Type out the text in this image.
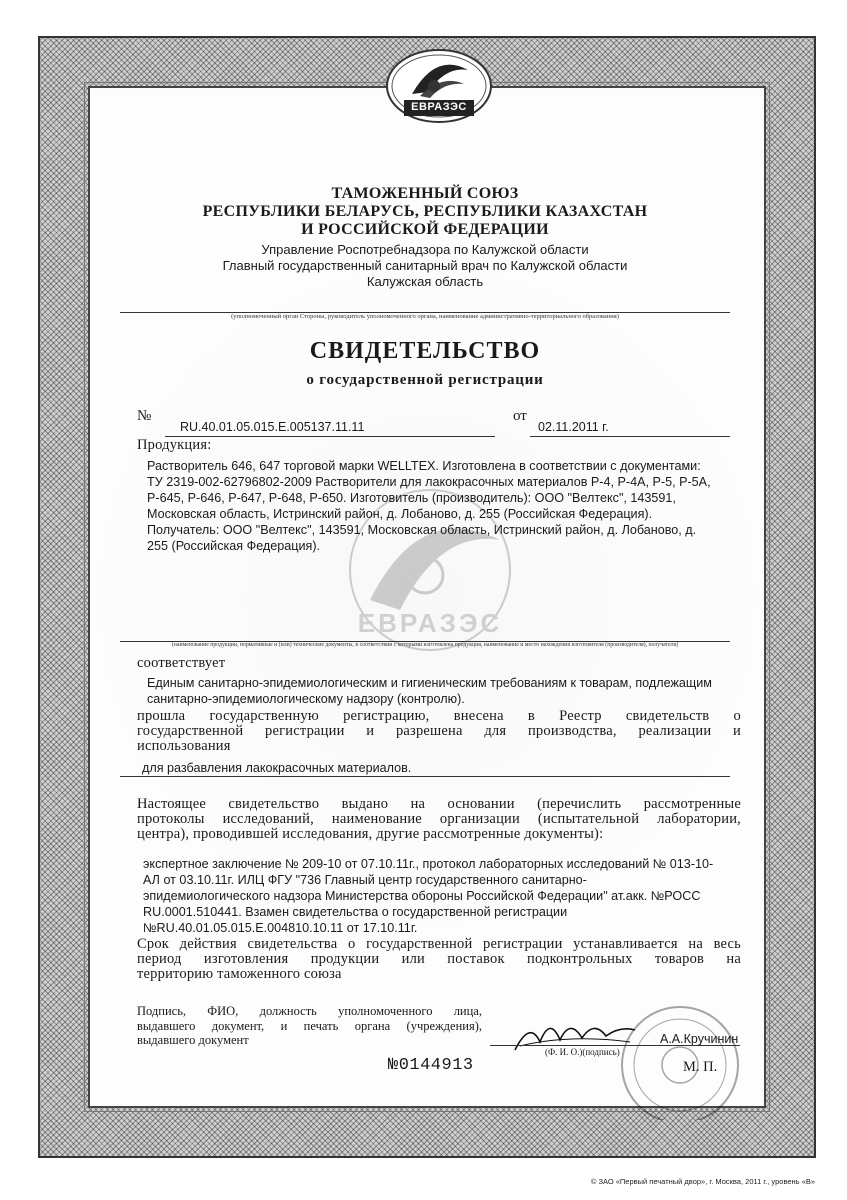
ЕВРАЗЭС
ТАМОЖЕННЫЙ СОЮЗ
РЕСПУБЛИКИ БЕЛАРУСЬ, РЕСПУБЛИКИ КАЗАХСТАН
И РОССИЙСКОЙ ФЕДЕРАЦИИ
Управление Роспотребнадзора по Калужской области
Главный государственный санитарный врач по Калужской области
Калужская область
(уполномоченный орган Стороны, руководитель уполномоченного органа, наименование административно-территориального образования)
СВИДЕТЕЛЬСТВО
о государственной регистрации
№
RU.40.01.05.015.Е.005137.11.11
от
02.11.2011 г.
ЕВРАЗЭС
Продукция:
Растворитель 646, 647 торговой марки WELLTEX. Изготовлена в соответствии с документами:
ТУ 2319-002-62796802-2009 Растворители для лакокрасочных материалов Р-4, Р-4А, Р-5, Р-5А,
Р-645, Р-646, Р-647, Р-648, Р-650. Изготовитель (производитель): ООО "Велтекс", 143591,
Московская область, Истринский район, д. Лобаново, д. 255 (Российская Федерация).
Получатель: ООО "Велтекс", 143591, Московская область, Истринский район, д. Лобаново, д.
255 (Российская Федерация).
(наименование продукции, нормативные и (или) технические документы, в соответствии с которыми изготовлена продукция, наименование и место нахождения изготовителя (производителя), получателя)
соответствует
Единым санитарно-эпидемиологическим и гигиеническим требованиям к товарам, подлежащим
санитарно-эпидемиологическому надзору (контролю).
прошла государственную регистрацию, внесена в Реестр свидетельств о
государственной регистрации и разрешена для производства, реализации и
использования
для разбавления лакокрасочных материалов.
Настоящее свидетельство выдано на основании (перечислить рассмотренные
протоколы исследований, наименование организации (испытательной лаборатории,
центра), проводившей исследования, другие рассмотренные документы):
экспертное заключение № 209-10 от 07.10.11г., протокол лабораторных исследований № 013-10-
АЛ от 03.10.11г. ИЛЦ ФГУ "736 Главный центр государственного санитарно-
эпидемиологического надзора Министерства обороны Российской Федерации" ат.акк. №РОСС
RU.0001.510441. Взамен свидетельства о государственной регистрации
№RU.40.01.05.015.Е.004810.10.11 от 17.10.11г.
Срок действия свидетельства о государственной регистрации устанавливается на весь
период изготовления продукции или поставок подконтрольных товаров на
территорию таможенного союза
Подпись, ФИО, должность уполномоченного лица,
выдавшего документ, и печать органа (учреждения),
выдавшего документ	А.А.Кручинин
(Ф. И. О.)(подпись)
№0144913	М. П.
© ЗАО «Первый печатный двор», г. Москва, 2011 г., уровень «В»
